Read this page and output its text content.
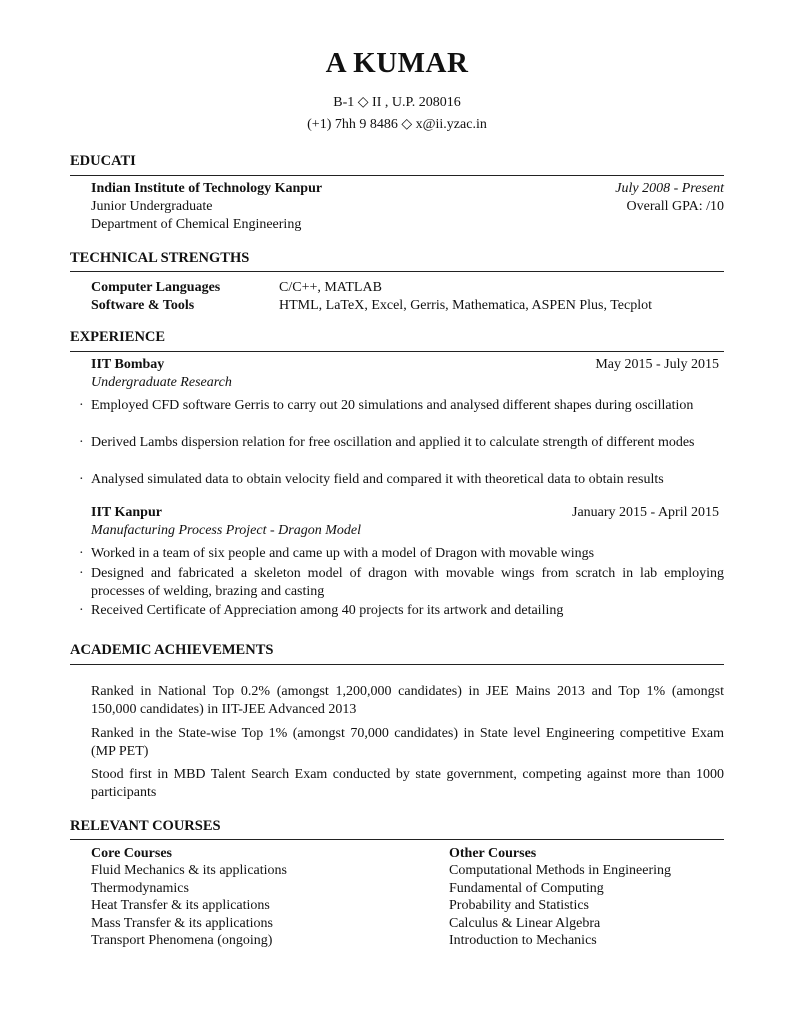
A KUMAR
B-1 ◇ II , U.P. 208016
(+1) 7hh 9 8486 ◇ x@ii.yzac.in
EDUCATI
Indian Institute of Technology Kanpur	July 2008 - Present
Junior Undergraduate	Overall GPA: /10
Department of Chemical Engineering
TECHNICAL STRENGTHS
Computer Languages	C/C++, MATLAB
Software & Tools	HTML, LaTeX, Excel, Gerris, Mathematica, ASPEN Plus, Tecplot
EXPERIENCE
IIT Bombay	May 2015 - July 2015
Undergraduate Research
· Employed CFD software Gerris to carry out 20 simulations and analysed different shapes during oscillation
· Derived Lambs dispersion relation for free oscillation and applied it to calculate strength of different modes
· Analysed simulated data to obtain velocity field and compared it with theoretical data to obtain results
IIT Kanpur	January 2015 - April 2015
Manufacturing Process Project - Dragon Model
· Worked in a team of six people and came up with a model of Dragon with movable wings
· Designed and fabricated a skeleton model of dragon with movable wings from scratch in lab employing processes of welding, brazing and casting
· Received Certificate of Appreciation among 40 projects for its artwork and detailing
ACADEMIC ACHIEVEMENTS
Ranked in National Top 0.2% (amongst 1,200,000 candidates) in JEE Mains 2013 and Top 1% (amongst 150,000 candidates) in IIT-JEE Advanced 2013
Ranked in the State-wise Top 1% (amongst 70,000 candidates) in State level Engineering competitive Exam (MP PET)
Stood first in MBD Talent Search Exam conducted by state government, competing against more than 1000 participants
RELEVANT COURSES
Core Courses
Fluid Mechanics & its applications
Thermodynamics
Heat Transfer & its applications
Mass Transfer & its applications
Transport Phenomena (ongoing)
Other Courses
Computational Methods in Engineering
Fundamental of Computing
Probability and Statistics
Calculus & Linear Algebra
Introduction to Mechanics
